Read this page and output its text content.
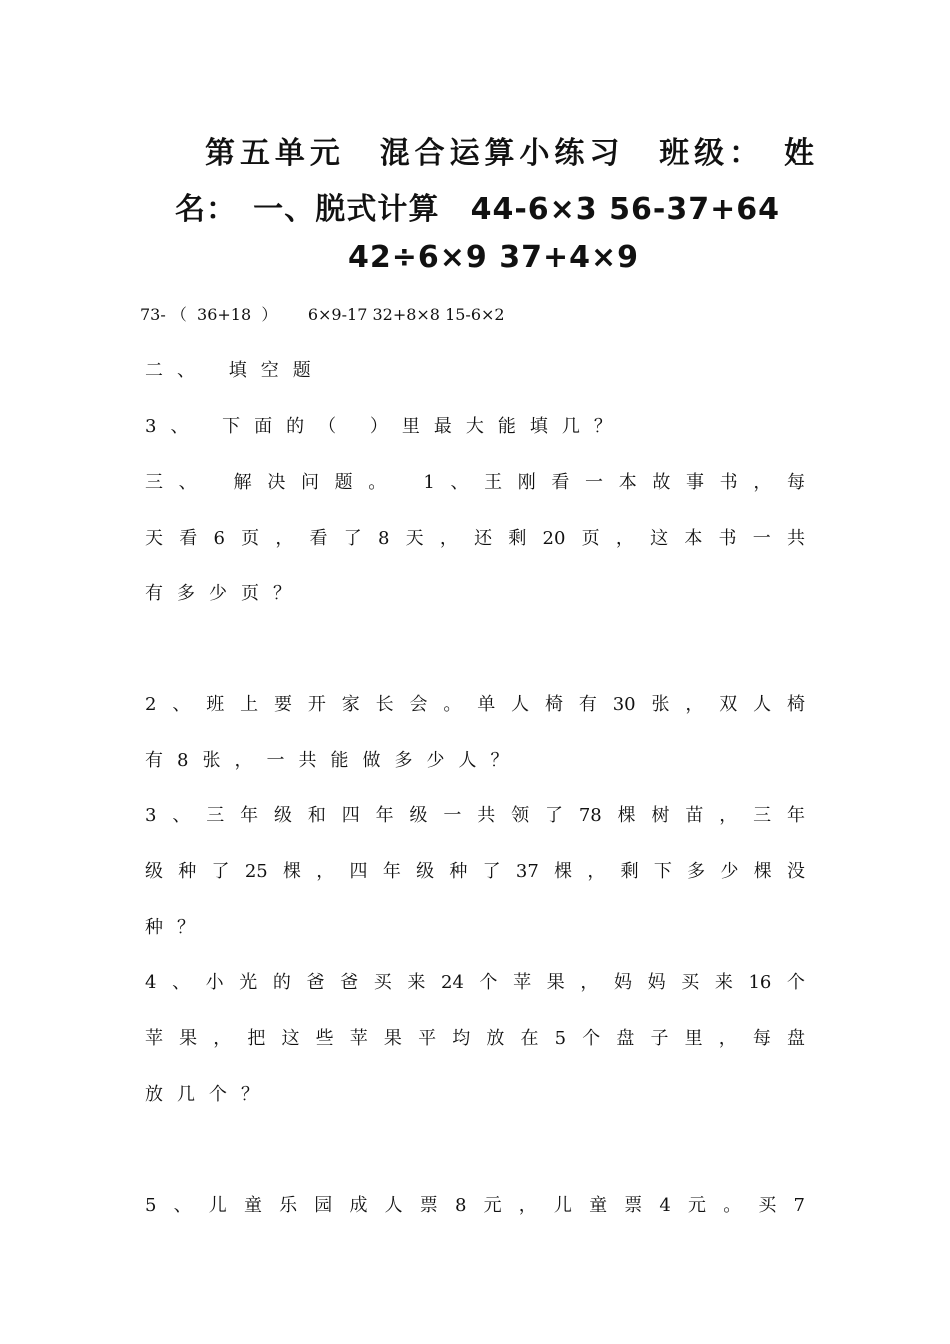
第五单元　混合运算小练习　班级：　姓
名：　一、脱式计算　44-6×3 56-37+64
42÷6×9 37+4×9
73- （  36+18  ）      6×9-17 32+8×8 15-6×2
二、 填空题
3、 下面的（ ）里最大能填几？
三、 解决问题。 1、王刚看一本故事书，每
天看6页，看了8天，还剩20页，这本书一共
有多少页？
2、班上要开家长会。单人椅有30张，双人椅
有8张，一共能做多少人？
3、三年级和四年级一共领了78棵树苗，三年
级种了25棵，四年级种了37棵，剩下多少棵没
种？
4、小光的爸爸买来24个苹果，妈妈买来16个
苹果，把这些苹果平均放在5个盘子里，每盘
放几个？
5、儿童乐园成人票8元，儿童票4元。买7
